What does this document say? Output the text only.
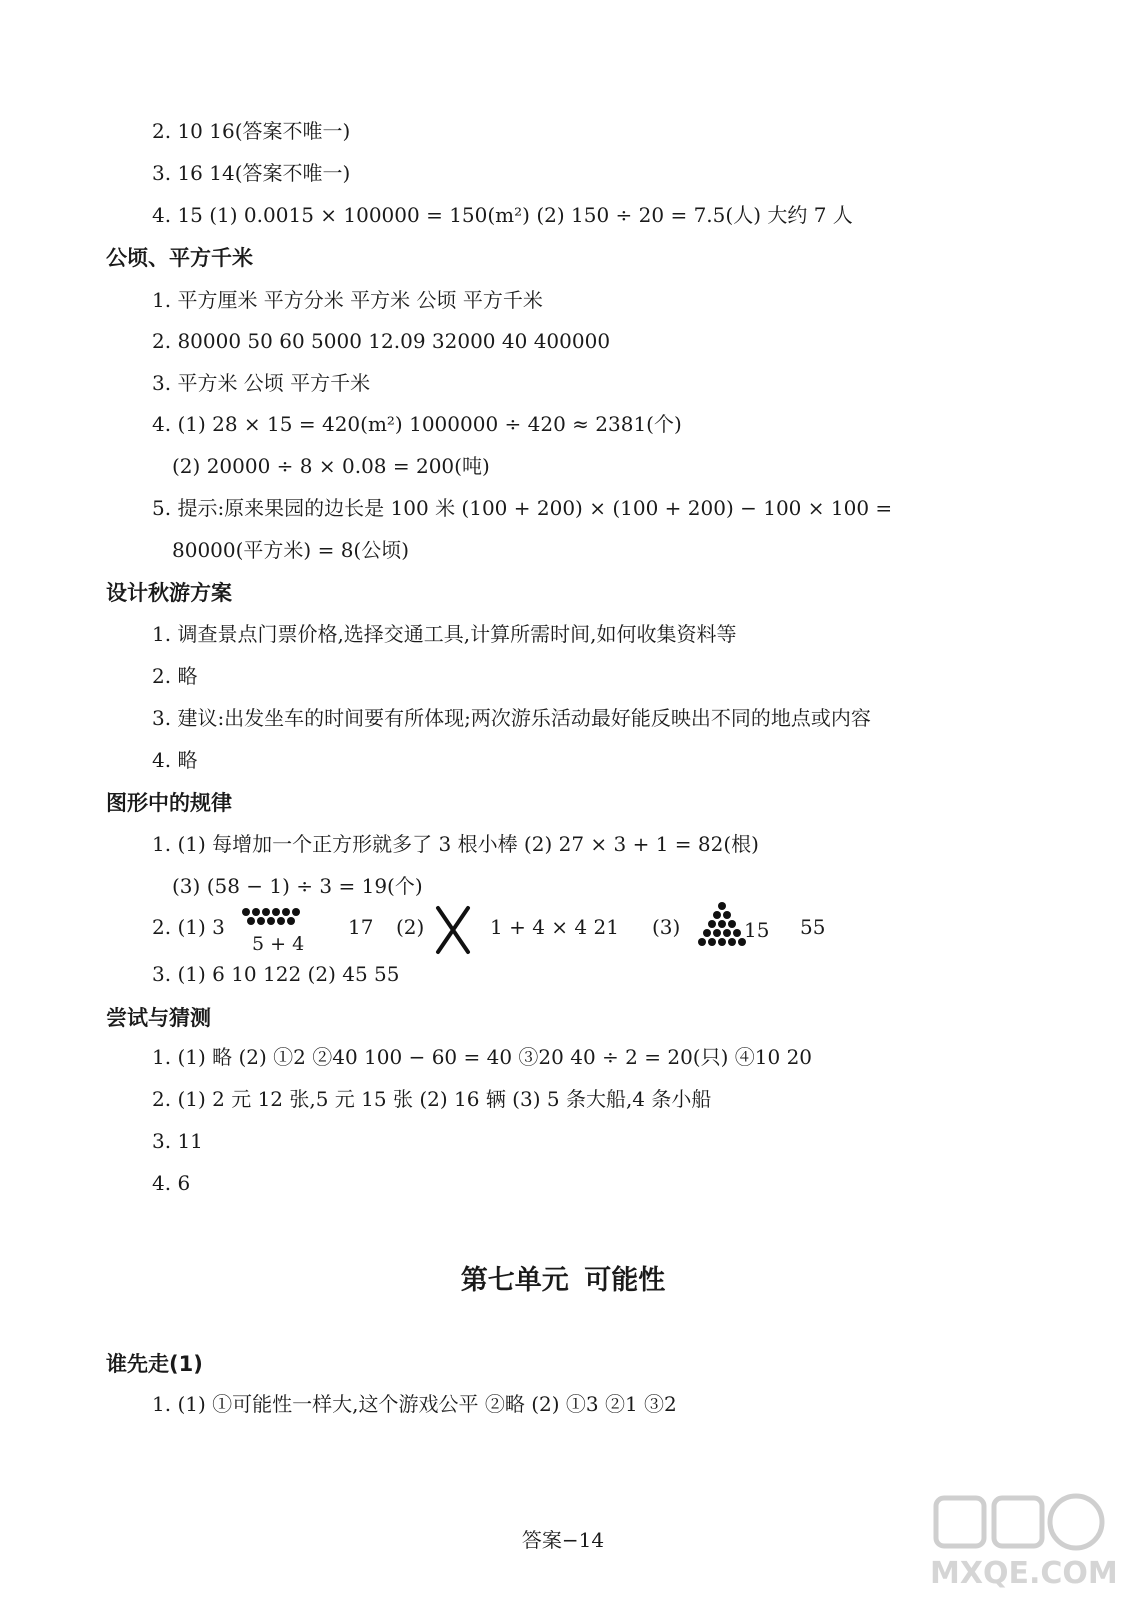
2. 10 16(答案不唯一)
3. 16 14(答案不唯一)
4. 15 (1) 0.0015 × 100000 = 150(m²) (2) 150 ÷ 20 = 7.5(人) 大约 7 人
公顷、平方千米
1. 平方厘米 平方分米 平方米 公顷 平方千米
2. 80000 50 60 5000 12.09 32000 40 400000
3. 平方米 公顷 平方千米
4. (1) 28 × 15 = 420(m²) 1000000 ÷ 420 ≈ 2381(个)
(2) 20000 ÷ 8 × 0.08 = 200(吨)
5. 提示:原来果园的边长是 100 米 (100 + 200) × (100 + 200) − 100 × 100 =
80000(平方米) = 8(公顷)
设计秋游方案
1. 调查景点门票价格,选择交通工具,计算所需时间,如何收集资料等
2. 略
3. 建议:出发坐车的时间要有所体现;两次游乐活动最好能反映出不同的地点或内容
4. 略
图形中的规律
1. (1) 每增加一个正方形就多了 3 根小棒 (2) 27 × 3 + 1 = 82(根)
(3) (58 − 1) ÷ 3 = 19(个)
2. (1) 3
5 + 4
17 (2)	1 + 4 × 4 21 (3)	15 55
3. (1) 6 10 122 (2) 45 55
尝试与猜测
1. (1) 略 (2) ①2 ②40 100 − 60 = 40 ③20 40 ÷ 2 = 20(只) ④10 20
2. (1) 2 元 12 张,5 元 15 张 (2) 16 辆 (3) 5 条大船,4 条小船
3. 11
4. 6
第七单元 可能性
谁先走(1)
1. (1) ①可能性一样大,这个游戏公平 ②略 (2) ①3 ②1 ③2
答案−14
MXQE.COM
